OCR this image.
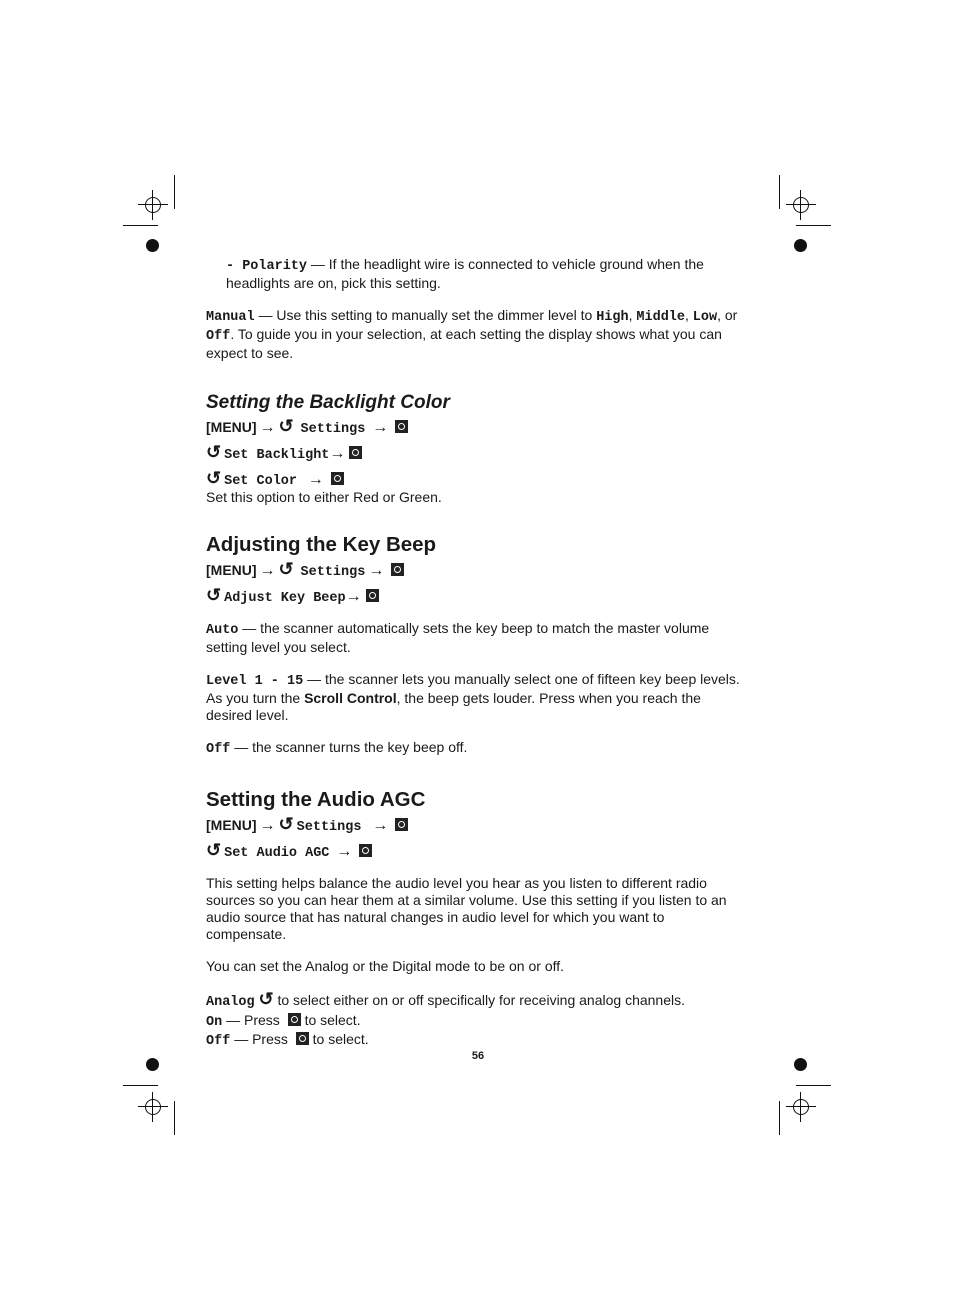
- Polarity — If the headlight wire is connected to vehicle ground when the headlights are on, pick this setting.

Manual — Use this setting to manually set the dimmer level to High, Middle, Low, or Off. To guide you in your selection, at each setting the display shows what you can expect to see.

Setting the Backlight Color
[MENU] → ↺ Settings →
↺ Set Backlight→
↺ Set Color →

Set this option to either Red or Green.

Adjusting the Key Beep
[MENU] → ↺ Settings →
↺ Adjust Key Beep→

Auto — the scanner automatically sets the key beep to match the master volume setting level you select.

Level 1 - 15 — the scanner lets you manually select one of fifteen key beep levels. As you turn the Scroll Control, the beep gets louder. Press when you reach the desired level.

Off — the scanner turns the key beep off.

Setting the Audio AGC
[MENU] → ↺ Settings →
↺ Set Audio AGC →

This setting helps balance the audio level you hear as you listen to different radio sources so you can hear them at a similar volume. Use this setting if you listen to an audio source that has natural changes in audio level for which you want to compensate.

You can set the Analog or the Digital mode to be on or off.

Analog ↺ to select either on or off specifically for receiving analog channels.

On — Press  to select.

Off — Press  to select.

56
